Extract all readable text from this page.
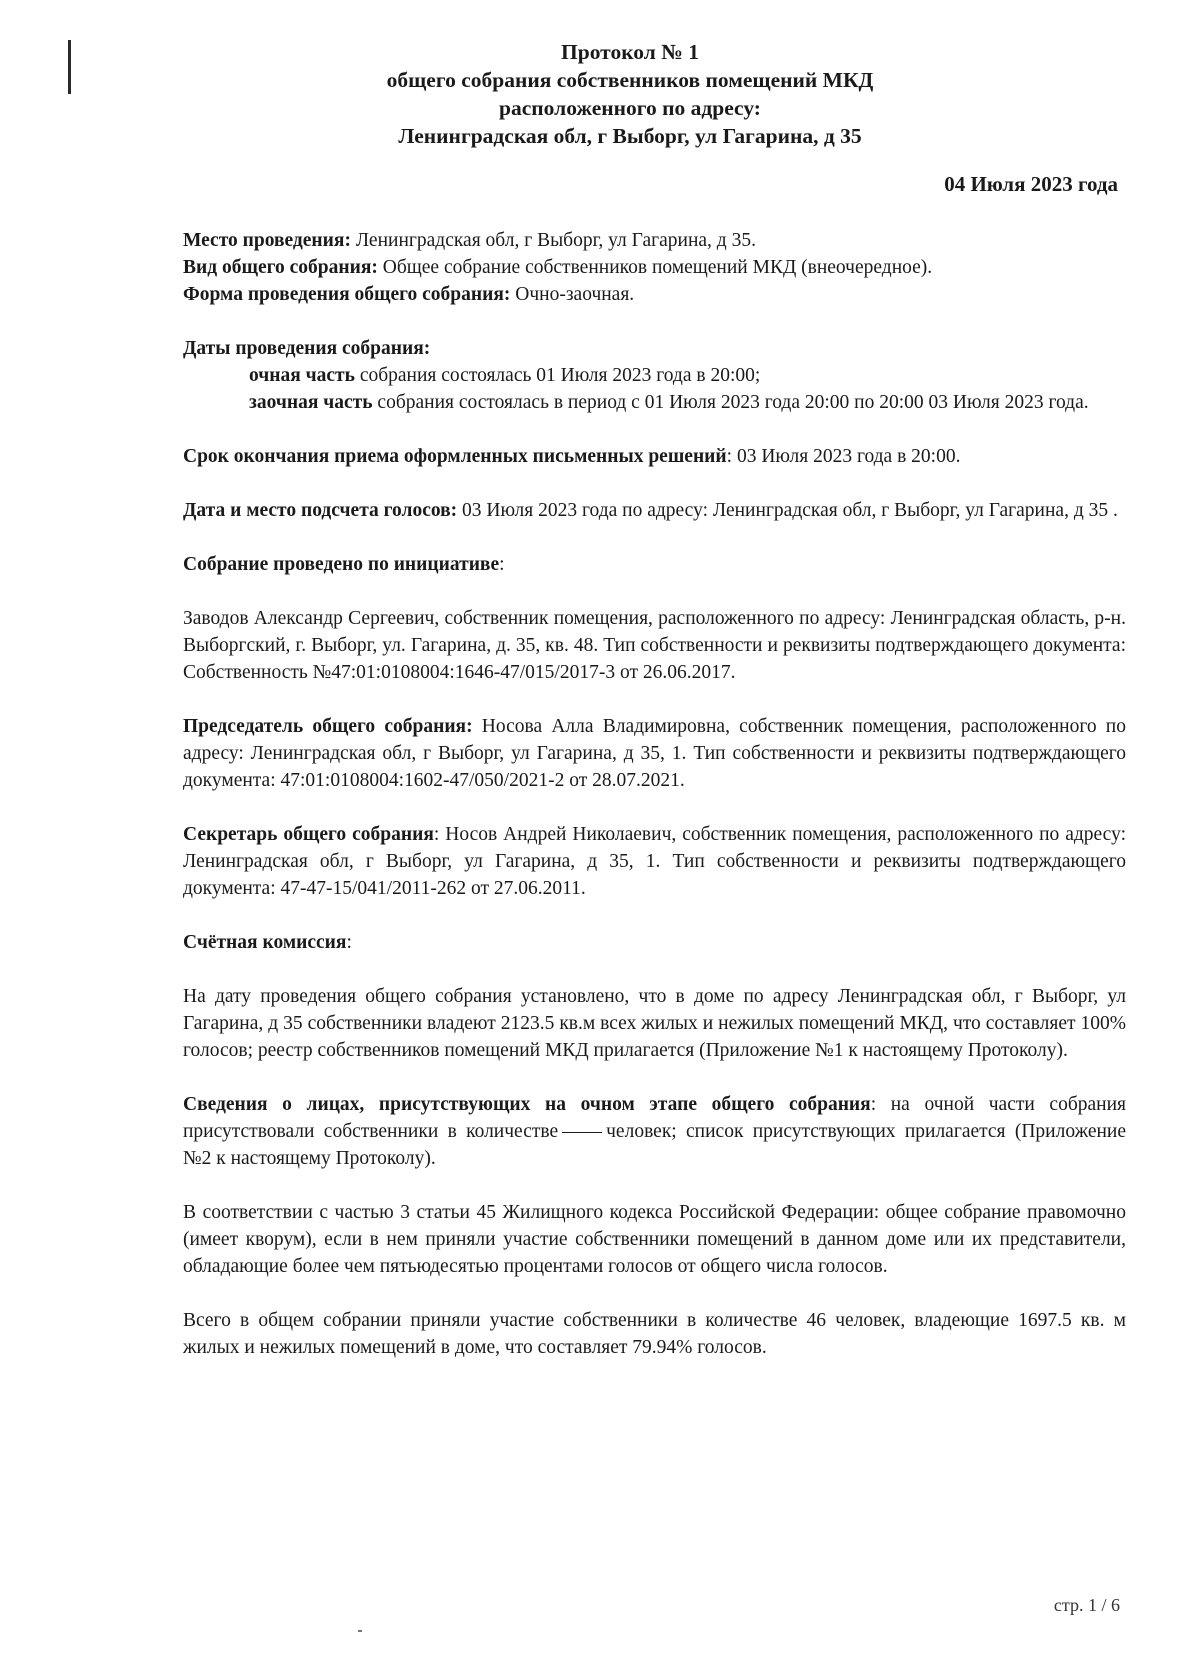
Протокол № 1
общего собрания собственников помещений МКД
расположенного по адресу:
Ленинградская обл, г Выборг, ул Гагарина, д 35
04 Июля 2023 года

Место проведения: Ленинградская обл, г Выборг, ул Гагарина, д 35.

Вид общего собрания: Общее собрание собственников помещений МКД (внеочередное).

Форма проведения общего собрания: Очно-заочная.

Даты проведения собрания:

очная часть собрания состоялась 01 Июля 2023 года в 20:00;

заочная часть собрания состоялась в период с 01 Июля 2023 года 20:00 по 20:00 03 Июля 2023 года.

Срок окончания приема оформленных письменных решений: 03 Июля 2023 года в 20:00.

Дата и место подсчета голосов: 03 Июля 2023 года по адресу: Ленинградская обл, г Выборг, ул Гагарина, д 35 .

Собрание проведено по инициативе:

Заводов Александр Сергеевич, собственник помещения, расположенного по адресу: Ленинградская область, р-н. Выборгский, г. Выборг, ул. Гагарина, д. 35, кв. 48. Тип собственности и реквизиты подтверждающего документа: Собственность №47:01:0108004:1646-47/015/2017-3 от 26.06.2017.

Председатель общего собрания: Носова Алла Владимировна, собственник помещения, расположенного по адресу: Ленинградская обл, г Выборг, ул Гагарина, д 35, 1. Тип собственности и реквизиты подтверждающего документа: 47:01:0108004:1602-47/050/2021-2 от 28.07.2021.

Секретарь общего собрания: Носов Андрей Николаевич, собственник помещения, расположенного по адресу: Ленинградская обл, г Выборг, ул Гагарина, д 35, 1. Тип собственности и реквизиты подтверждающего документа: 47-47-15/041/2011-262 от 27.06.2011.

Счётная комиссия:

На дату проведения общего собрания установлено, что в доме по адресу Ленинградская обл, г Выборг, ул Гагарина, д 35 собственники владеют 2123.5 кв.м всех жилых и нежилых помещений МКД, что составляет 100% голосов; реестр собственников помещений МКД прилагается (Приложение №1 к настоящему Протоколу).

Сведения о лицах, присутствующих на очном этапе общего собрания: на очной части собрания присутствовали собственники в количестве человек; список присутствующих прилагается (Приложение №2 к настоящему Протоколу).

В соответствии с частью 3 статьи 45 Жилищного кодекса Российской Федерации: общее собрание правомочно (имеет кворум), если в нем приняли участие собственники помещений в данном доме или их представители, обладающие более чем пятьюдесятью процентами голосов от общего числа голосов.

Всего в общем собрании приняли участие собственники в количестве 46 человек, владеющие 1697.5 кв. м жилых и нежилых помещений в доме, что составляет 79.94% голосов.

стр. 1 / 6
